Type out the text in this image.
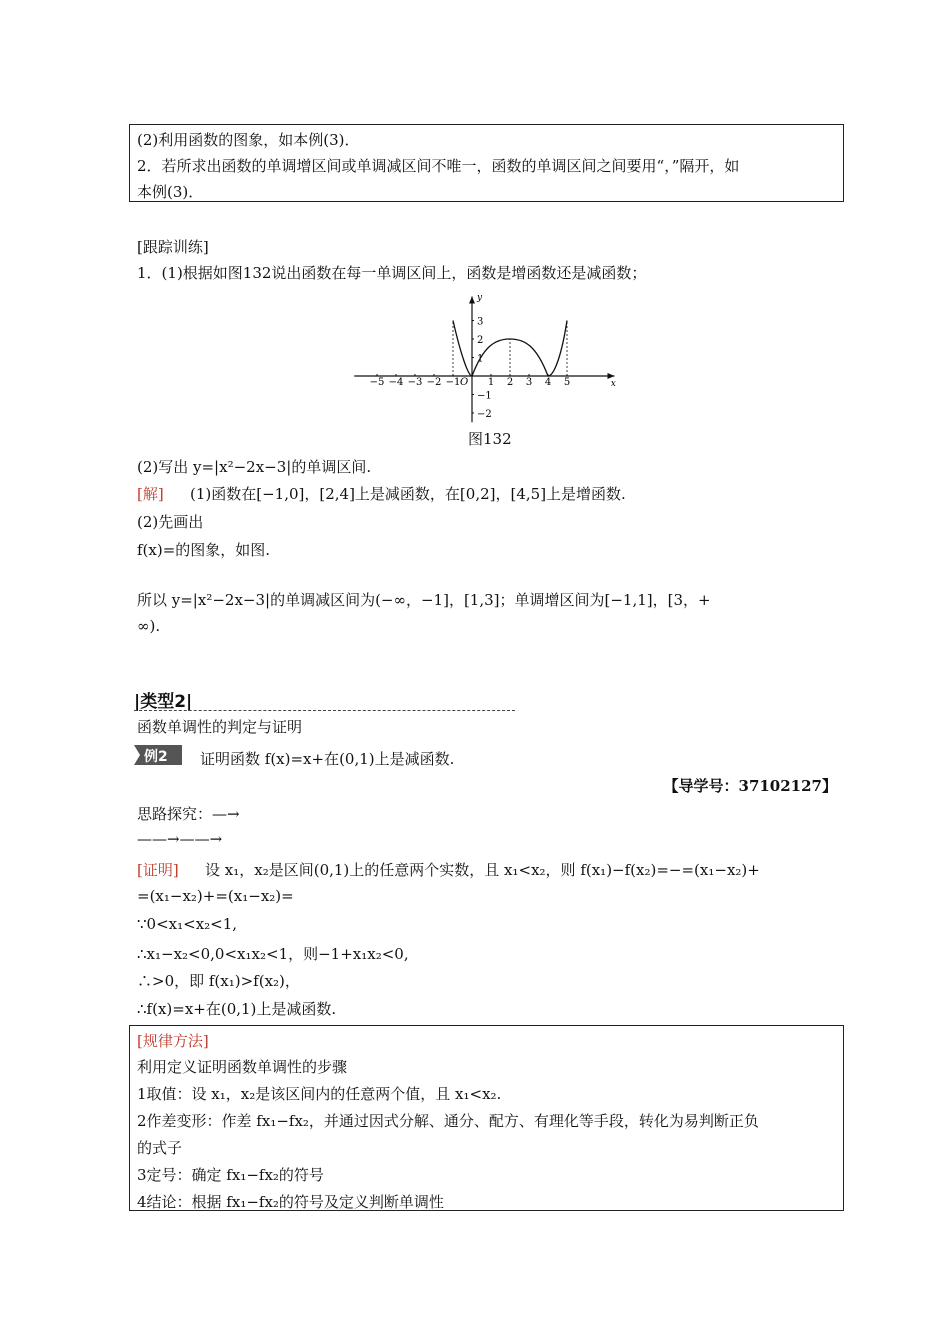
(2)利用函数的图象，如本例(3)．
2．若所求出函数的单调增区间或单调减区间不唯一，函数的单调区间之间要用“，”隔开，如
本例(3)．
[跟踪训练]
1．(1)根据如图132说出函数在每一单调区间上，函数是增函数还是减函数；
−5 −4 −3 −2 −1	1 2 3 4 5
3
2
1
−1
−2
O	x
y
图132
(2)写出 y=|x²−2x−3|的单调区间.
[解] (1)函数在[−1,0]，[2,4]上是减函数，在[0,2]，[4,5]上是增函数.
(2)先画出
f(x)=的图象，如图.
所以 y=|x²−2x−3|的单调减区间为(−∞，−1]，[1,3]；单调增区间为[−1,1]，[3，+
∞).
|类型2|
函数单调性的判定与证明
例2 证明函数 f(x)=x+在(0,1)上是减函数.
【导学号：37102127】
思路探究：—→
——→——→
[证明] 设 x₁，x₂是区间(0,1)上的任意两个实数，且 x₁<x₂，则 f(x₁)−f(x₂)=−=(x₁−x₂)+
=(x₁−x₂)+=(x₁−x₂)=
∵0<x₁<x₂<1,
∴x₁−x₂<0,0<x₁x₂<1，则−1+x₁x₂<0,
∴>0，即 f(x₁)>f(x₂)，
∴f(x)=x+在(0,1)上是减函数.
[规律方法]
利用定义证明函数单调性的步骤
1取值：设 x₁，x₂是该区间内的任意两个值，且 x₁<x₂.
2作差变形：作差 fx₁−fx₂，并通过因式分解、通分、配方、有理化等手段，转化为易判断正负
的式子
3定号：确定 fx₁−fx₂的符号
4结论：根据 fx₁−fx₂的符号及定义判断单调性
